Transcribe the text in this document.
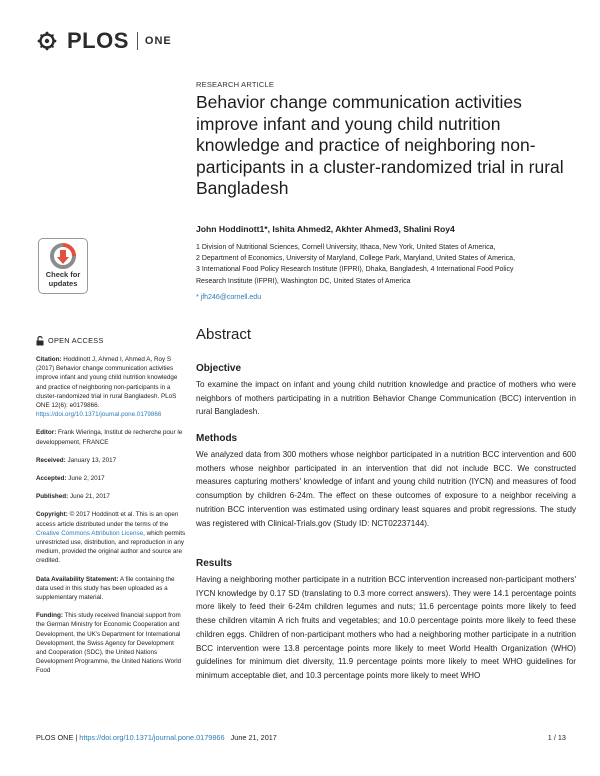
PLOS ONE
RESEARCH ARTICLE
Behavior change communication activities improve infant and young child nutrition knowledge and practice of neighboring non-participants in a cluster-randomized trial in rural Bangladesh
John Hoddinott1*, Ishita Ahmed2, Akhter Ahmed3, Shalini Roy4
1 Division of Nutritional Sciences, Cornell University, Ithaca, New York, United States of America,
2 Department of Economics, University of Maryland, College Park, Maryland, United States of America,
3 International Food Policy Research Institute (IFPRI), Dhaka, Bangladesh, 4 International Food Policy
Research Institute (IFPRI), Washington DC, United States of America
* jfh246@cornell.edu
Check for
updates
OPEN ACCESS

Citation: Hoddinott J, Ahmed I, Ahmed A, Roy S (2017) Behavior change communication activities improve infant and young child nutrition knowledge and practice of neighboring non-participants in a cluster-randomized trial in rural Bangladesh. PLoS ONE 12(6): e0179866. https://doi.org/10.1371/journal.pone.0179866

Editor: Frank Wieringa, Institut de recherche pour le developpement, FRANCE

Received: January 13, 2017

Accepted: June 2, 2017

Published: June 21, 2017

Copyright: © 2017 Hoddinott et al. This is an open access article distributed under the terms of the Creative Commons Attribution License, which permits unrestricted use, distribution, and reproduction in any medium, provided the original author and source are credited.

Data Availability Statement: A file containing the data used in this study has been uploaded as a supplementary material.

Funding: This study received financial support from the German Ministry for Economic Cooperation and Development, the UK's Department for International Development, the Swiss Agency for Development and Cooperation (SDC), the United Nations Development Programme, the United Nations World Food

Abstract
Objective
To examine the impact on infant and young child nutrition knowledge and practice of mothers who were neighbors of mothers participating in a nutrition Behavior Change Communication (BCC) intervention in rural Bangladesh.
Methods
We analyzed data from 300 mothers whose neighbor participated in a nutrition BCC intervention and 600 mothers whose neighbor participated in an intervention that did not include BCC. We constructed measures capturing mothers' knowledge of infant and young child nutrition (IYCN) and measures of food consumption by children 6-24m. The effect on these outcomes of exposure to a neighbor receiving a nutrition BCC intervention was estimated using ordinary least squares and probit regressions. The study was registered with Clinical-Trials.gov (Study ID: NCT02237144).
Results
Having a neighboring mother participate in a nutrition BCC intervention increased non-participant mothers' IYCN knowledge by 0.17 SD (translating to 0.3 more correct answers). They were 14.1 percentage points more likely to feed their 6-24m children legumes and nuts; 11.6 percentage points more likely to feed these children vitamin A rich fruits and vegetables; and 10.0 percentage points more likely to feed these children eggs. Children of non-participant mothers who had a neighboring mother participate in a nutrition BCC intervention were 13.8 percentage points more likely to meet World Health Organization (WHO) guidelines for minimum diet diversity, 11.9 percentage points more likely to meet WHO guidelines for minimum acceptable diet, and 10.3 percentage points more likely to meet WHO
PLOS ONE | https://doi.org/10.1371/journal.pone.0179866 June 21, 2017	1 / 13
